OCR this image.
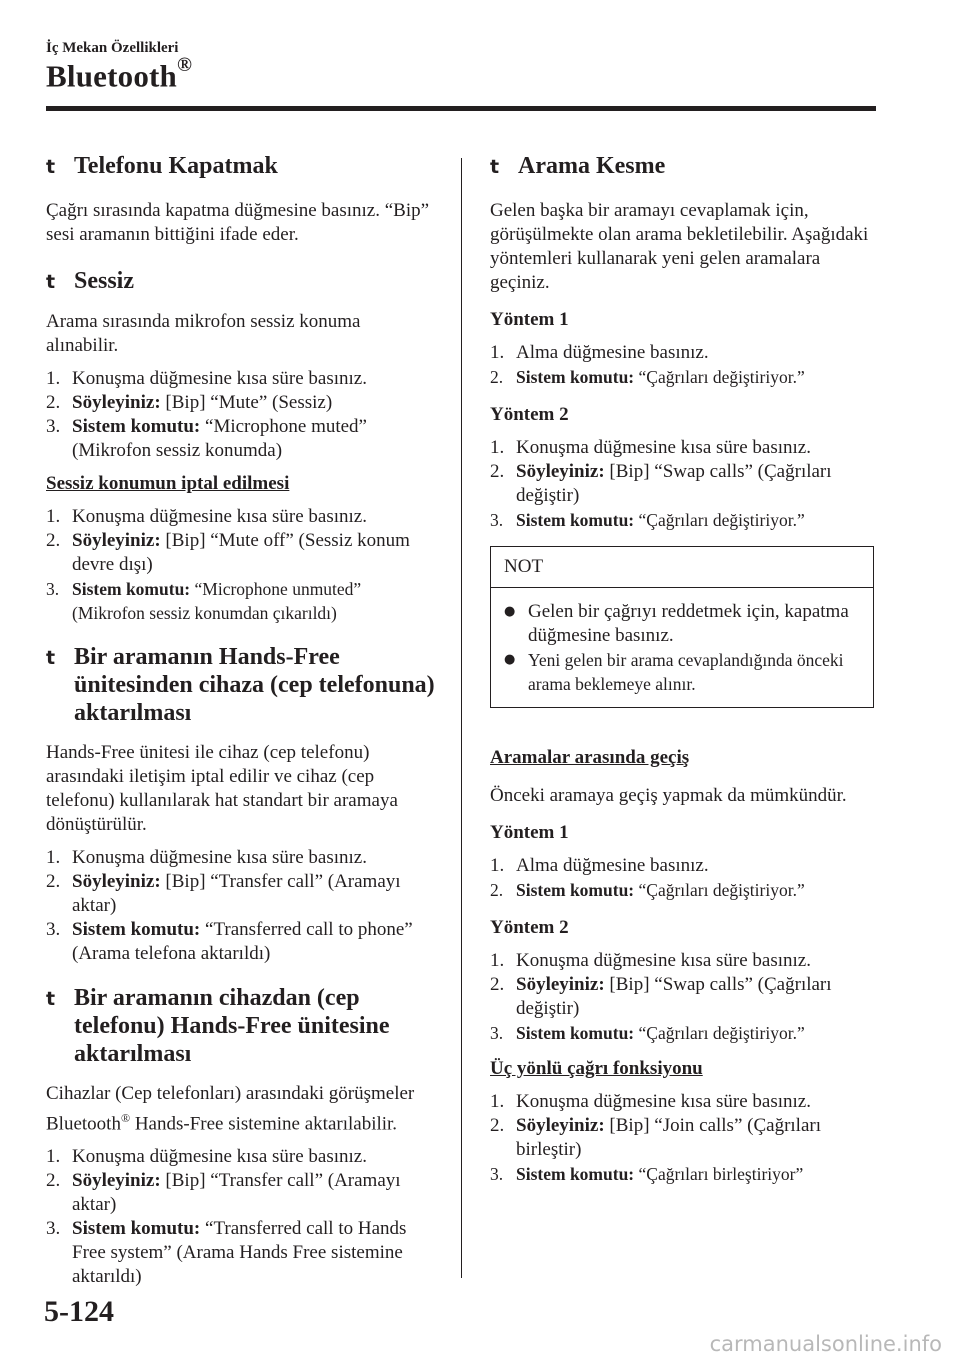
İç Mekan Özellikleri
Bluetooth®
t Telefonu Kapatmak

Çağrı sırasında kapatma düğmesine basınız. “Bip” sesi aramanın bittiğini ifade eder.

t Sessiz

Arama sırasında mikrofon sessiz konuma alınabilir.

1. Konuşma düğmesine kısa süre basınız.
2. Söyleyiniz: [Bip] “Mute” (Sessiz)
3. Sistem komutu: “Microphone muted” (Mikrofon sessiz konumda)
Sessiz konumun iptal edilmesi
1. Konuşma düğmesine kısa süre basınız.
2. Söyleyiniz: [Bip] “Mute off” (Sessiz konum devre dışı)
3. Sistem komutu: “Microphone unmuted” (Mikrofon sessiz konumdan çıkarıldı)
t Bir aramanın Hands-Free ünitesinden cihaza (cep telefonuna) aktarılması

Hands-Free ünitesi ile cihaz (cep telefonu) arasındaki iletişim iptal edilir ve cihaz (cep telefonu) kullanılarak hat standart bir aramaya dönüştürülür.

1. Konuşma düğmesine kısa süre basınız.
2. Söyleyiniz: [Bip] “Transfer call” (Aramayı aktar)
3. Sistem komutu: “Transferred call to phone” (Arama telefona aktarıldı)
t Bir aramanın cihazdan (cep telefonu) Hands-Free ünitesine aktarılması

Cihazlar (Cep telefonları) arasındaki görüşmeler Bluetooth® Hands-Free sistemine aktarılabilir.

1. Konuşma düğmesine kısa süre basınız.
2. Söyleyiniz: [Bip] “Transfer call” (Aramayı aktar)
3. Sistem komutu: “Transferred call to Hands Free system” (Arama Hands Free sistemine aktarıldı)
t Arama Kesme

Gelen başka bir aramayı cevaplamak için, görüşülmekte olan arama bekletilebilir. Aşağıdaki yöntemleri kullanarak yeni gelen aramalara geçiniz.

Yöntem 1
1. Alma düğmesine basınız.
2. Sistem komutu: “Çağrıları değiştiriyor.”
Yöntem 2
1. Konuşma düğmesine kısa süre basınız.
2. Söyleyiniz: [Bip] “Swap calls” (Çağrıları değiştir)
3. Sistem komutu: “Çağrıları değiştiriyor.”
NOT
● Gelen bir çağrıyı reddetmek için, kapatma düğmesine basınız.
● Yeni gelen bir arama cevaplandığında önceki arama beklemeye alınır.
Aramalar arasında geçiş

Önceki aramaya geçiş yapmak da mümkündür.

Yöntem 1
1. Alma düğmesine basınız.
2. Sistem komutu: “Çağrıları değiştiriyor.”
Yöntem 2
1. Konuşma düğmesine kısa süre basınız.
2. Söyleyiniz: [Bip] “Swap calls” (Çağrıları değiştir)
3. Sistem komutu: “Çağrıları değiştiriyor.”
Üç yönlü çağrı fonksiyonu
1. Konuşma düğmesine kısa süre basınız.
2. Söyleyiniz: [Bip] “Join calls” (Çağrıları birleştir)
3. Sistem komutu: “Çağrıları birleştiriyor”
5-124
carmanualsonline.info
